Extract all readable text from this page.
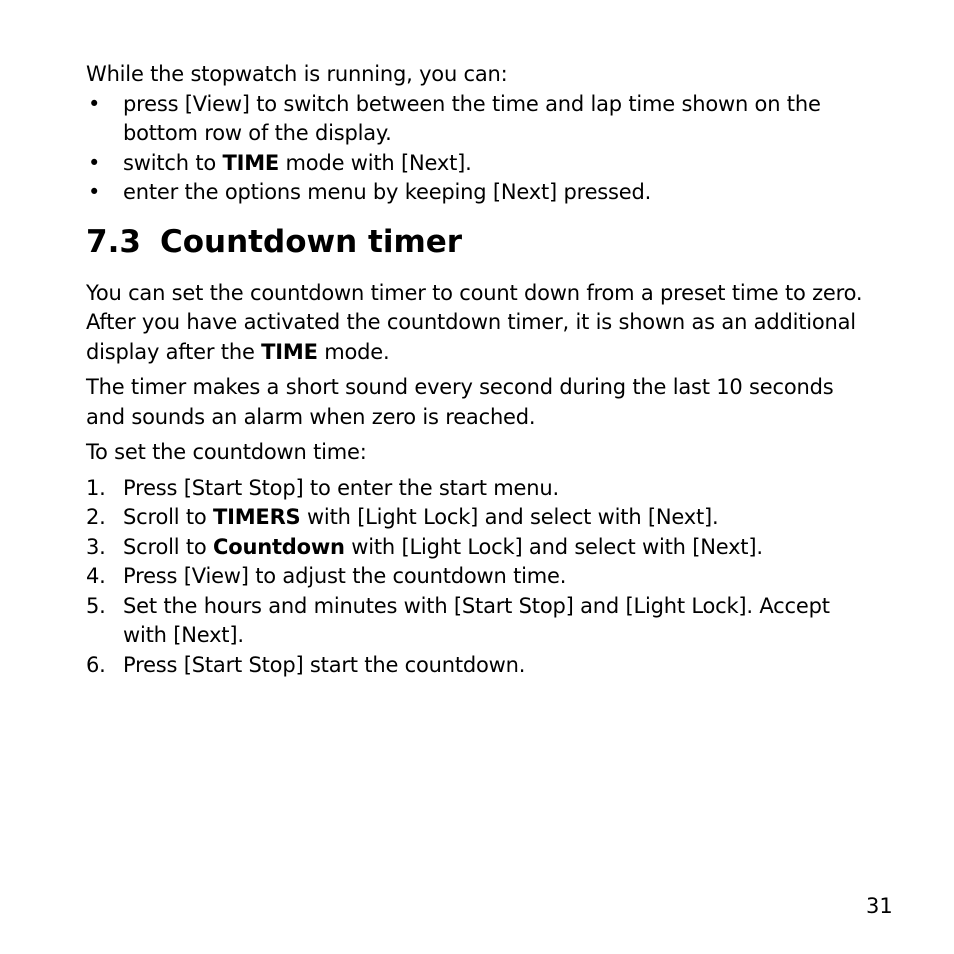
While the stopwatch is running, you can:

• press [View] to switch between the time and lap time shown on the bottom row of the display.
• switch to TIME mode with [Next].
• enter the options menu by keeping [Next] pressed.
7.3 Countdown timer

You can set the countdown timer to count down from a preset time to zero. After you have activated the countdown timer, it is shown as an additional display after the TIME mode.

The timer makes a short sound every second during the last 10 seconds and sounds an alarm when zero is reached.

To set the countdown time:

1. Press [Start Stop] to enter the start menu.
2. Scroll to TIMERS with [Light Lock] and select with [Next].
3. Scroll to Countdown with [Light Lock] and select with [Next].
4. Press [View] to adjust the countdown time.
5. Set the hours and minutes with [Start Stop] and [Light Lock]. Accept with [Next].
6. Press [Start Stop] start the countdown.
31
